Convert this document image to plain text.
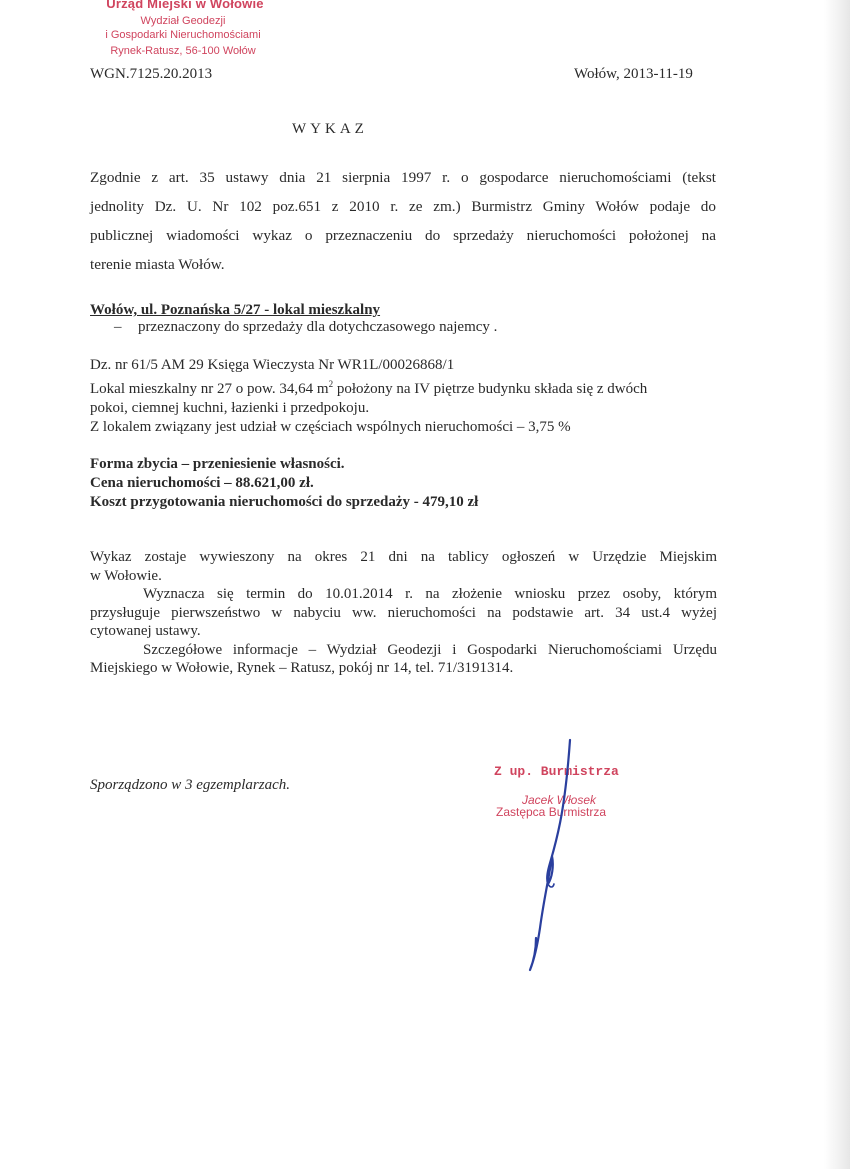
Urząd Miejski w Wołowie
Wydział Geodezji
i Gospodarki Nieruchomościami
Rynek-Ratusz, 56-100 Wołów
WGN.7125.20.2013	Wołów, 2013-11-19
WYKAZ
Zgodnie z art. 35 ustawy dnia 21 sierpnia 1997 r. o gospodarce nieruchomościami (tekst
jednolity Dz. U. Nr 102 poz.651 z 2010 r. ze zm.) Burmistrz Gminy Wołów podaje do
publicznej wiadomości wykaz o przeznaczeniu do sprzedaży nieruchomości położonej na
terenie miasta Wołów.
Wołów, ul. Poznańska 5/27 - lokal mieszkalny
– przeznaczony do sprzedaży dla dotychczasowego najemcy .
Dz. nr 61/5 AM 29 Księga Wieczysta Nr WR1L/00026868/1
Lokal mieszkalny nr 27 o pow. 34,64 $m^2$ położony na IV piętrze budynku składa się z dwóch
pokoi, ciemnej kuchni, łazienki i przedpokoju.
Z lokalem związany jest udział w częściach wspólnych nieruchomości – 3,75 %
Forma zbycia – przeniesienie własności.
Cena nieruchomości – 88.621,00 zł.
Koszt przygotowania nieruchomości do sprzedaży - 479,10 zł
Wykaz zostaje wywieszony na okres 21 dni na tablicy ogłoszeń w Urzędzie Miejskim
w Wołowie.
Wyznacza się termin do 10.01.2014 r. na złożenie wniosku przez osoby, którym
przysługuje pierwszeństwo w nabyciu ww. nieruchomości na podstawie art. 34 ust.4 wyżej
cytowanej ustawy.
Szczegółowe informacje – Wydział Geodezji i Gospodarki Nieruchomościami Urzędu
Miejskiego w Wołowie, Rynek – Ratusz, pokój nr 14, tel. 71/3191314.
Sporządzono w 3 egzemplarzach.
Z up. Burmistrza
Jacek Włosek
Zastępca Burmistrza
